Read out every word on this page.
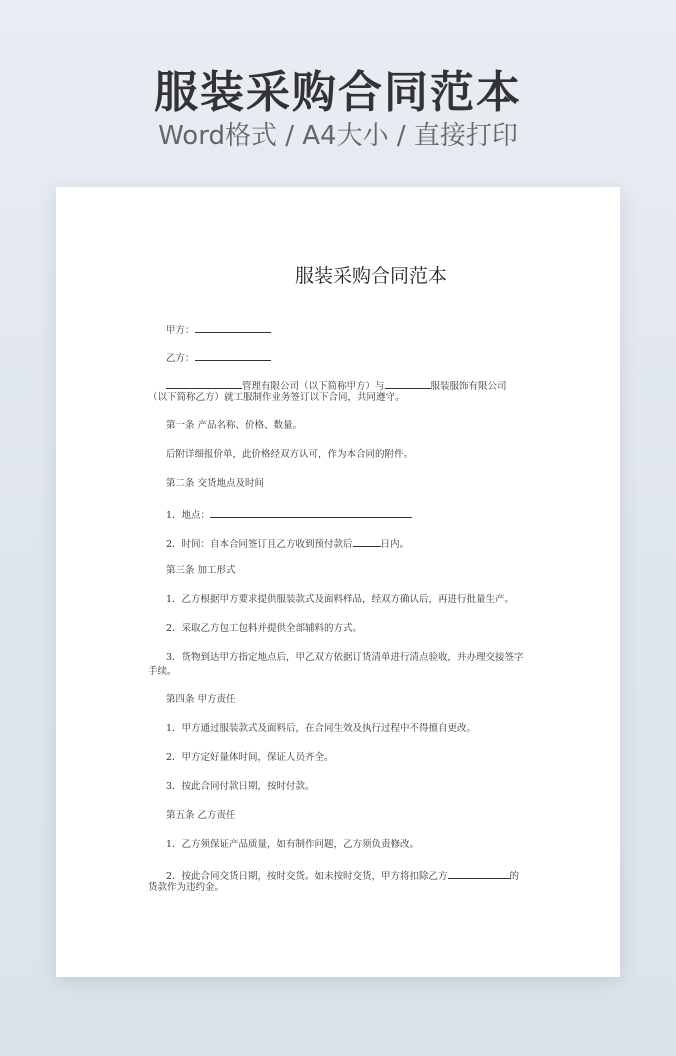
服装采购合同范本
Word格式 / A4大小 / 直接打印
服装采购合同范本
甲方：
乙方：
管理有限公司（以下简称甲方）与	服装服饰有限公司
（以下简称乙方）就工服制作业务签订以下合同，共同遵守。
第一条 产品名称、价格、数量。
后附详细报价单，此价格经双方认可，作为本合同的附件。
第二条 交货地点及时间
1．地点：
2．时间：自本合同签订且乙方收到预付款后	日内。
第三条 加工形式
1．乙方根据甲方要求提供服装款式及面料样品，经双方确认后，再进行批量生产。
2．采取乙方包工包料并提供全部辅料的方式。
3．货物到达甲方指定地点后，甲乙双方依据订货清单进行清点验收，并办理交接签字
手续。
第四条 甲方责任
1．甲方通过服装款式及面料后，在合同生效及执行过程中不得擅自更改。
2．甲方定好量体时间，保证人员齐全。
3．按此合同付款日期，按时付款。
第五条 乙方责任
1．乙方须保证产品质量，如有制作问题，乙方须负责修改。
2．按此合同交货日期，按时交货。如未按时交货，甲方将扣除乙方	的
货款作为违约金。
